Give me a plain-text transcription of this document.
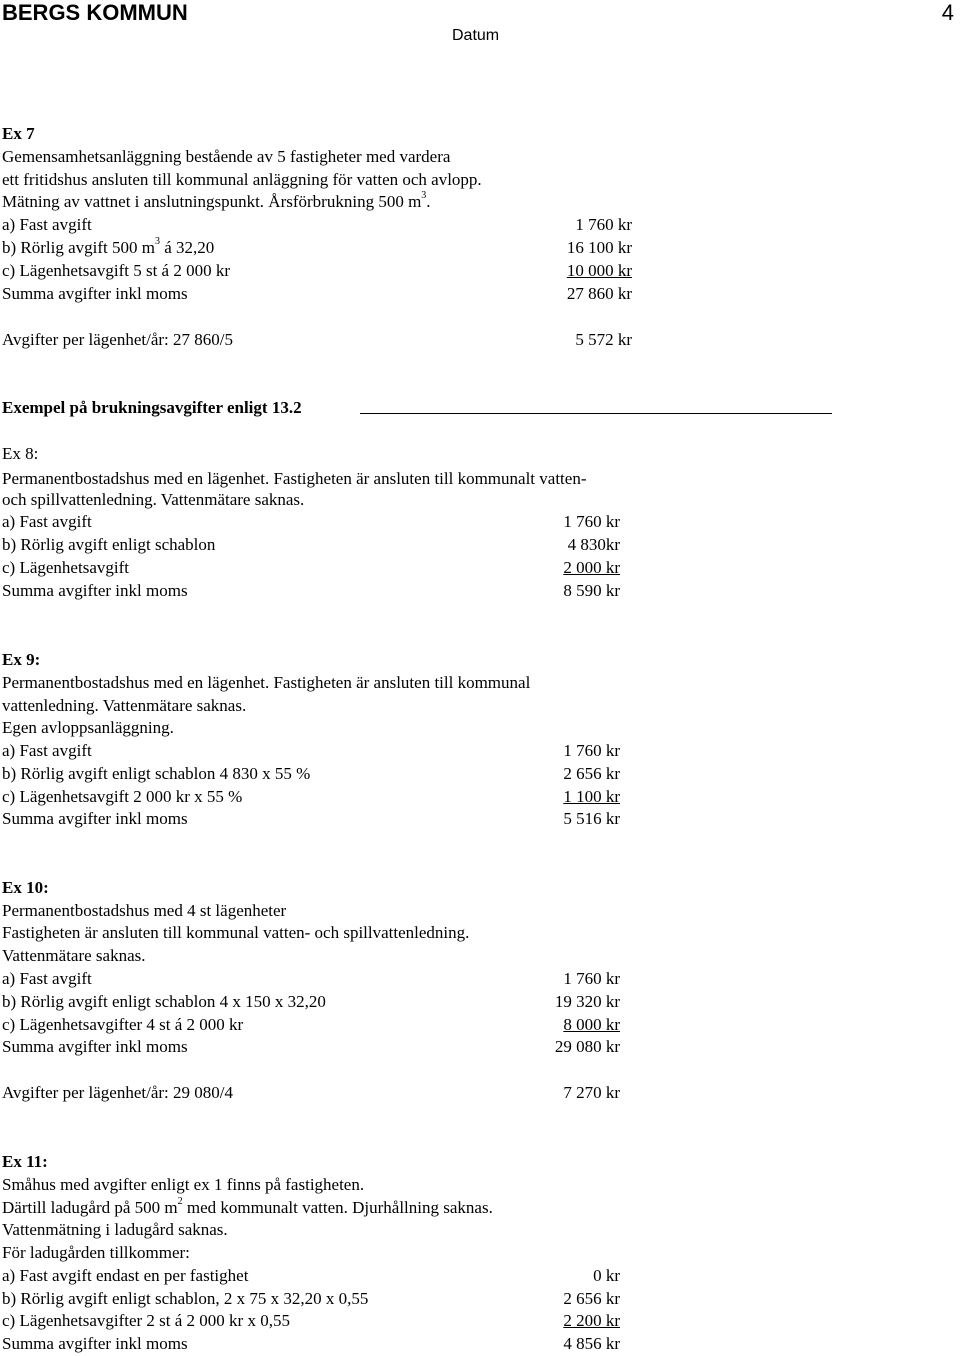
BERGS KOMMUN	4
Datum
Ex 7
Gemensamhetsanläggning bestående av 5 fastigheter med vardera
ett fritidshus ansluten till kommunal anläggning för vatten och avlopp.
Mätning av vattnet i anslutningspunkt. Årsförbrukning 500 $m^3$.
a) Fast avgift	1 760 kr
b) Rörlig avgift 500 $m^3$ á 32,20	16 100 kr
c) Lägenhetsavgift 5 st á 2 000 kr	10 000 kr
Summa avgifter inkl moms	27 860 kr
Avgifter per lägenhet/år: 27 860/5	5 572 kr
Exempel på brukningsavgifter enligt 13.2
Ex 8:
Permanentbostadshus med en lägenhet. Fastigheten är ansluten till kommunalt vatten-
och spillvattenledning. Vattenmätare saknas.
a) Fast avgift	1 760 kr
b) Rörlig avgift enligt schablon	4 830kr
c) Lägenhetsavgift	2 000 kr
Summa avgifter inkl moms	8 590 kr
Ex 9:
Permanentbostadshus med en lägenhet. Fastigheten är ansluten till kommunal
vattenledning. Vattenmätare saknas.
Egen avloppsanläggning.
a) Fast avgift	1 760 kr
b) Rörlig avgift enligt schablon 4 830 x 55 %	2 656 kr
c) Lägenhetsavgift 2 000 kr x 55 %	1 100 kr
Summa avgifter inkl moms	5 516 kr
Ex 10:
Permanentbostadshus med 4 st lägenheter
Fastigheten är ansluten till kommunal vatten- och spillvattenledning.
Vattenmätare saknas.
a) Fast avgift	1 760 kr
b) Rörlig avgift enligt schablon 4 x 150 x 32,20	19 320 kr
c) Lägenhetsavgifter 4 st á 2 000 kr	8 000 kr
Summa avgifter inkl moms	29 080 kr
Avgifter per lägenhet/år: 29 080/4	7 270 kr
Ex 11:
Småhus med avgifter enligt ex 1 finns på fastigheten.
Därtill ladugård på 500 $m^2$ med kommunalt vatten. Djurhållning saknas.
Vattenmätning i ladugård saknas.
För ladugården tillkommer:
a) Fast avgift endast en per fastighet	0 kr
b) Rörlig avgift enligt schablon, 2 x 75 x 32,20 x 0,55	2 656 kr
c) Lägenhetsavgifter 2 st á 2 000 kr x 0,55	2 200 kr
Summa avgifter inkl moms	4 856 kr
